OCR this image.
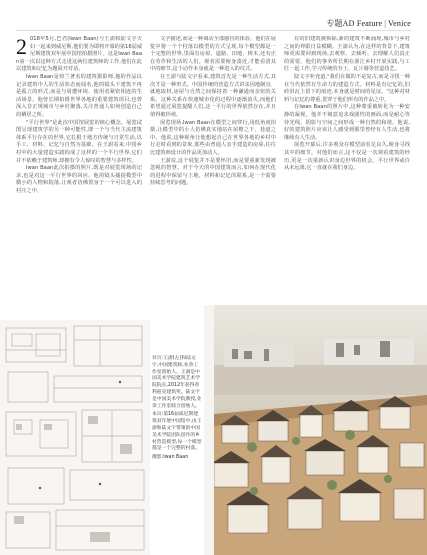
专题AD Feature | Venice

2 018年5月,巴君(Iwan Baan)与王澍和陆文宇夫妇一起来到威尼斯,他们要为即将开幕的第16届威尼斯建筑双年展中国馆拍摄照片。这是Iwan Baan第一次以这种方式走进这两位建筑师的工作,他们在此以建筑和记忆为题展开对话。

Iwan Baan是荷兰著名的建筑摄影师,他的作品以记录建筑中人的生活状态而闻名,他的镜头下建筑不再是孤立的形式,而是与周遭环境、使用者紧密相连的生活场景。他曾长期拍摄世界各地的重要建筑项目,也曾深入非正规城市与乡村聚落,关注普通人如何创造自己的栖居之所。

"平行世界"是此次中国馆展览的核心概念。展览试图呈现建筑学的另一种可能性,即一个与当代主流建筑体系平行存在的世界,它扎根于地方传统与日常生活,以手工、材料、记忆与自然为基础。在王澍看来,中国乡村中的大量建造实践构成了这样的一个平行世界,它们并不依赖于建筑师,却拥有令人惊叹的智慧与多样性。

Iwan Baan此次拍摄的照片,既是对展览现场的记录,也是对这一平行世界的回应。他用镜头捕捉模型中微小的人物和院落,让观者仿佛置身于一个可以进入的村庄之中。

文字描述,而是一种调动全部感官的体验。他们在展览中将一个个村落以模型的方式呈现,每个模型都是一个完整的世界,里面有房屋、道路、田地、树木,还有正在劳作和生活的人们。观者需要俯身凑近,才能看清其中的细节,这个动作本身就是一种进入的仪式。

在王澍与陆文宇看来,建筑首先是一种生活方式,其次才是一种形式。中国传统的营造方式讲求因地制宜、就地取材,房屋与自然之间保持着一种谦逊而亲密的关系。这种关系在快速城市化的过程中逐渐消失,而他们希望通过展览提醒人们,这一平行的世界依然存在,并且值得被珍视。

展览现场,Iwan Baan在模型之间穿行,用低角度拍摄,让模型中的小人仿佛真实地站在屋檐之下、巷道之中。他说,这种视角让他想起自己在世界各地的乡村中行走时看到的景象,那些由普通人亲手建造的房屋,往往比建筑师设计的作品更加动人。

王澍说,这个展览并不是要怀旧,而是要重新发现被忽视的智慧。对于今天的中国建筑而言,如何在现代化的进程中保留与土地、材料和记忆的联系,是一个需要持续思考的问题。

有的旧建筑被拆除,新的建筑不断涌现,城市与乡村之间的界限日益模糊。王澍认为,在这样的背景下,建筑师更需要回到现场,去观察、去倾听、去理解人们真正的需要。他们的事务所长期在浙江乡村开展实践,与工匠一起工作,学习传统的夯土、瓦爿墙等营造技艺。

陆文宇补充道,"我们在做的不是复古,而是寻找一种在当代依然有生命力的建造方式。材料是有记忆的,旧砖旧瓦上留下的痕迹,本身就是时间的见证。"这种对材料与记忆的尊重,贯穿于他们所有的作品之中。

在Iwan Baan的照片中,这种尊重被转化为一种安静的凝视。他并不刻意追求戏剧性的画面,而是耐心等待光线、阴影与空间之间形成一种自然的和谐。他说,好的建筑照片应该让人感受到那里曾经有人生活,也将继续有人生活。

展览开幕后,许多观众在模型前驻足良久,俯身寻找其中的细节。对他们而言,这不仅是一次观看建筑的经历,更是一次重新认识身边世界的机会。平行世界或许从未远离,它一直就在我们身边。

对页:王澍(左)和陆文宇,中国建筑师,业余工作室创始人。王澍是中国美术学院建筑艺术学院院长,2012年获得普利兹克建筑奖。陆文宇是中国美术学院教授,业余工作室联合创始人。

本页:第16届威尼斯建筑双年展中国馆中,由王澍和陆文宇带领的中国美术学院团队创作的乡村营造模型,每一个模型都是一个完整的村落。

摄影:Iwan Baan
